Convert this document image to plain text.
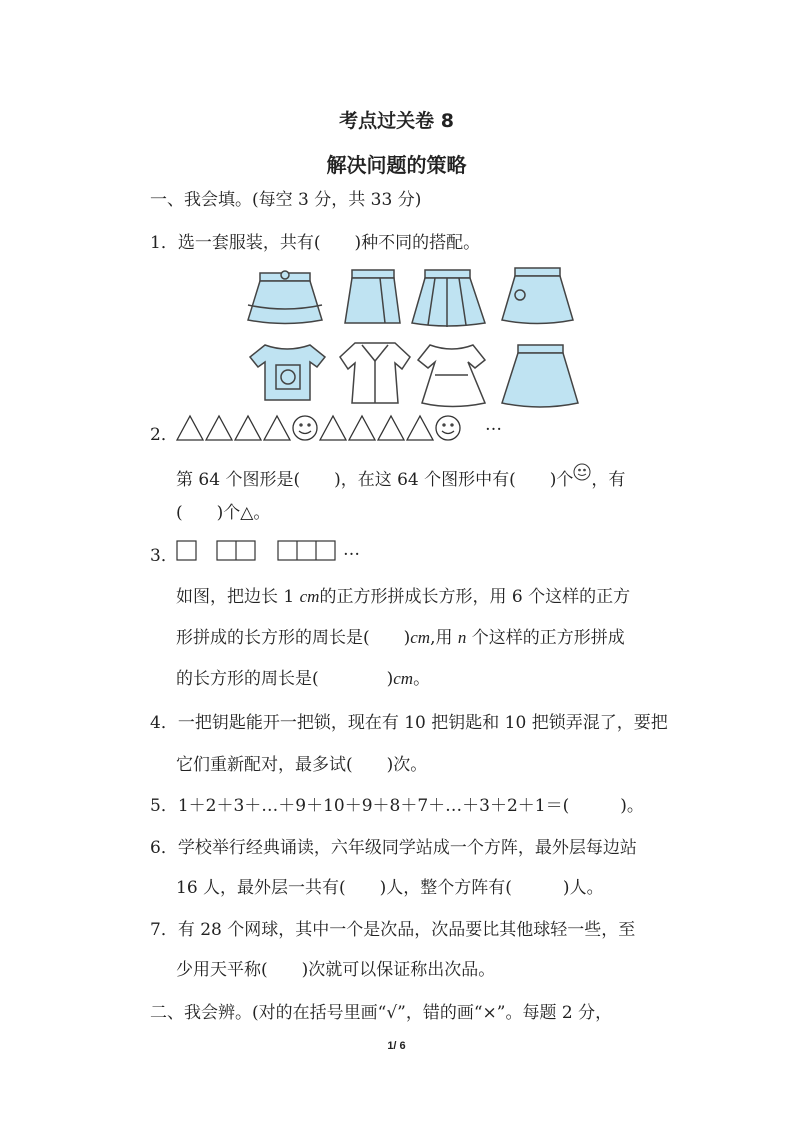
考点过关卷 8
解决问题的策略
一、我会填。(每空 3 分，共 33 分)
1．选一套服装，共有(　　)种不同的搭配。
2．	…
第 64 个图形是(　　)，在这 64 个图形中有(　　)个 ，有
(　　)个△。
3．	…
如图，把边长 1 cm的正方形拼成长方形，用 6 个这样的正方
形拼成的长方形的周长是(　　)cm,用 n 个这样的正方形拼成
的长方形的周长是(　　　　)cm。
4．一把钥匙能开一把锁，现在有 10 把钥匙和 10 把锁弄混了，要把
它们重新配对，最多试(　　)次。
5．1＋2＋3＋…＋9＋10＋9＋8＋7＋…＋3＋2＋1＝(　　　)。
6．学校举行经典诵读，六年级同学站成一个方阵，最外层每边站
16 人，最外层一共有(　　)人，整个方阵有(　　　)人。
7．有 28 个网球，其中一个是次品，次品要比其他球轻一些，至
少用天平称(　　)次就可以保证称出次品。
二、我会辨。(对的在括号里画“√”，错的画“×”。每题 2 分，
1/ 6
